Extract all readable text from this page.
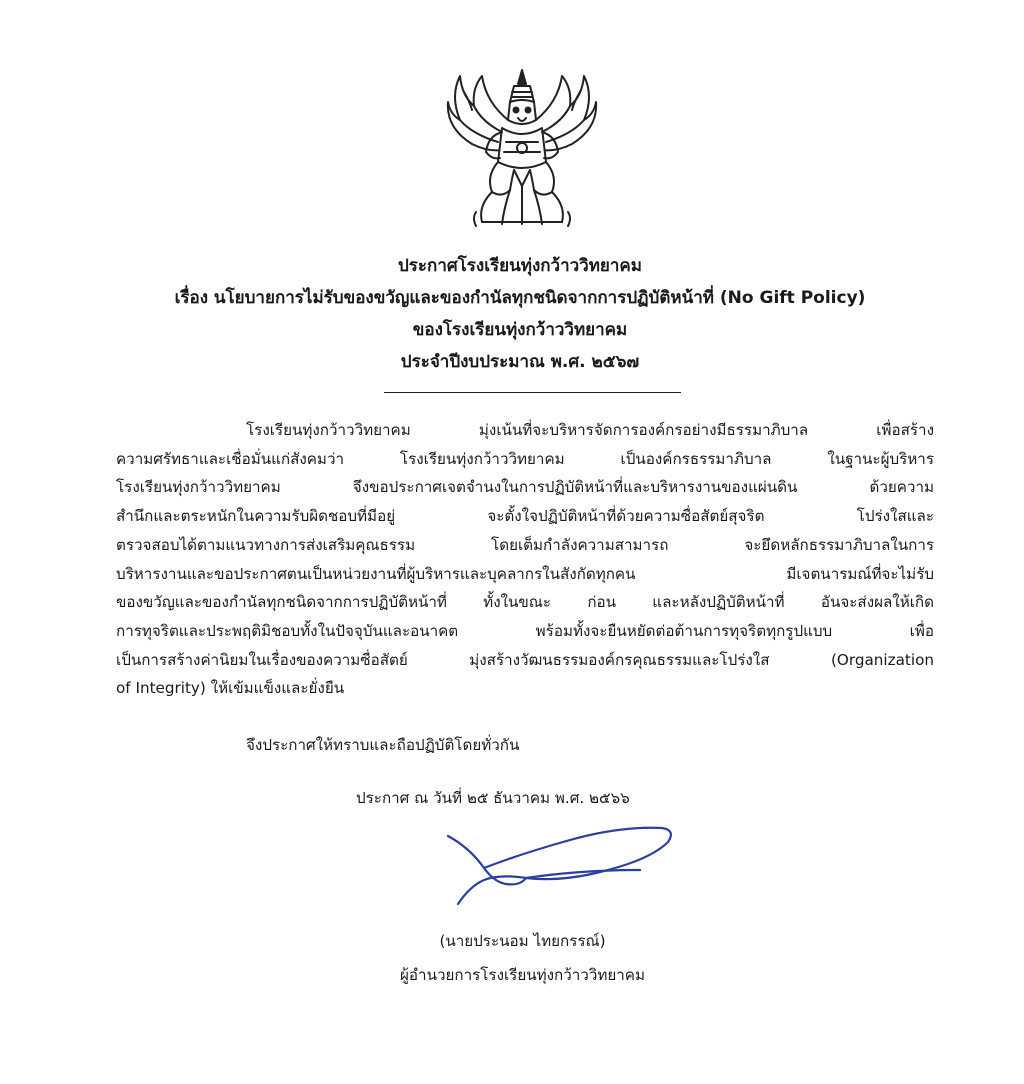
ประกาศโรงเรียนทุ่งกว้าววิทยาคม

เรื่อง นโยบายการไม่รับของขวัญและของกำนัลทุกชนิดจากการปฏิบัติหน้าที่ (No Gift Policy)

ของโรงเรียนทุ่งกว้าววิทยาคม

ประจำปีงบประมาณ พ.ศ. ๒๕๖๗

โรงเรียนทุ่งกว้าววิทยาคม มุ่งเน้นที่จะบริหารจัดการองค์กรอย่างมีธรรมาภิบาล เพื่อสร้าง

ความศรัทธาและเชื่อมั่นแก่สังคมว่า โรงเรียนทุ่งกว้าววิทยาคม เป็นองค์กรธรรมาภิบาล ในฐานะผู้บริหาร

โรงเรียนทุ่งกว้าววิทยาคม จึงขอประกาศเจตจำนงในการปฏิบัติหน้าที่และบริหารงานของแผ่นดิน ด้วยความ

สำนึกและตระหนักในความรับผิดชอบที่มีอยู่ จะตั้งใจปฏิบัติหน้าที่ด้วยความซื่อสัตย์สุจริต โปร่งใสและ

ตรวจสอบได้ตามแนวทางการส่งเสริมคุณธรรม โดยเต็มกำลังความสามารถ จะยึดหลักธรรมาภิบาลในการ

บริหารงานและขอประกาศตนเป็นหน่วยงานที่ผู้บริหารและบุคลากรในสังกัดทุกคน มีเจตนารมณ์ที่จะไม่รับ

ของขวัญและของกำนัลทุกชนิดจากการปฏิบัติหน้าที่ ทั้งในขณะ ก่อน และหลังปฏิบัติหน้าที่ อันจะส่งผลให้เกิด

การทุจริตและประพฤติมิชอบทั้งในปัจจุบันและอนาคต พร้อมทั้งจะยืนหยัดต่อต้านการทุจริตทุกรูปแบบ เพื่อ

เป็นการสร้างค่านิยมในเรื่องของความซื่อสัตย์ มุ่งสร้างวัฒนธรรมองค์กรคุณธรรมและโปร่งใส (Organization

of Integrity) ให้เข้มแข็งและยั่งยืน

จึงประกาศให้ทราบและถือปฏิบัติโดยทั่วกัน

ประกาศ ณ วันที่ ๒๕ ธันวาคม พ.ศ. ๒๕๖๖

(นายประนอม ไทยกรรณ์)

ผู้อำนวยการโรงเรียนทุ่งกว้าววิทยาคม
